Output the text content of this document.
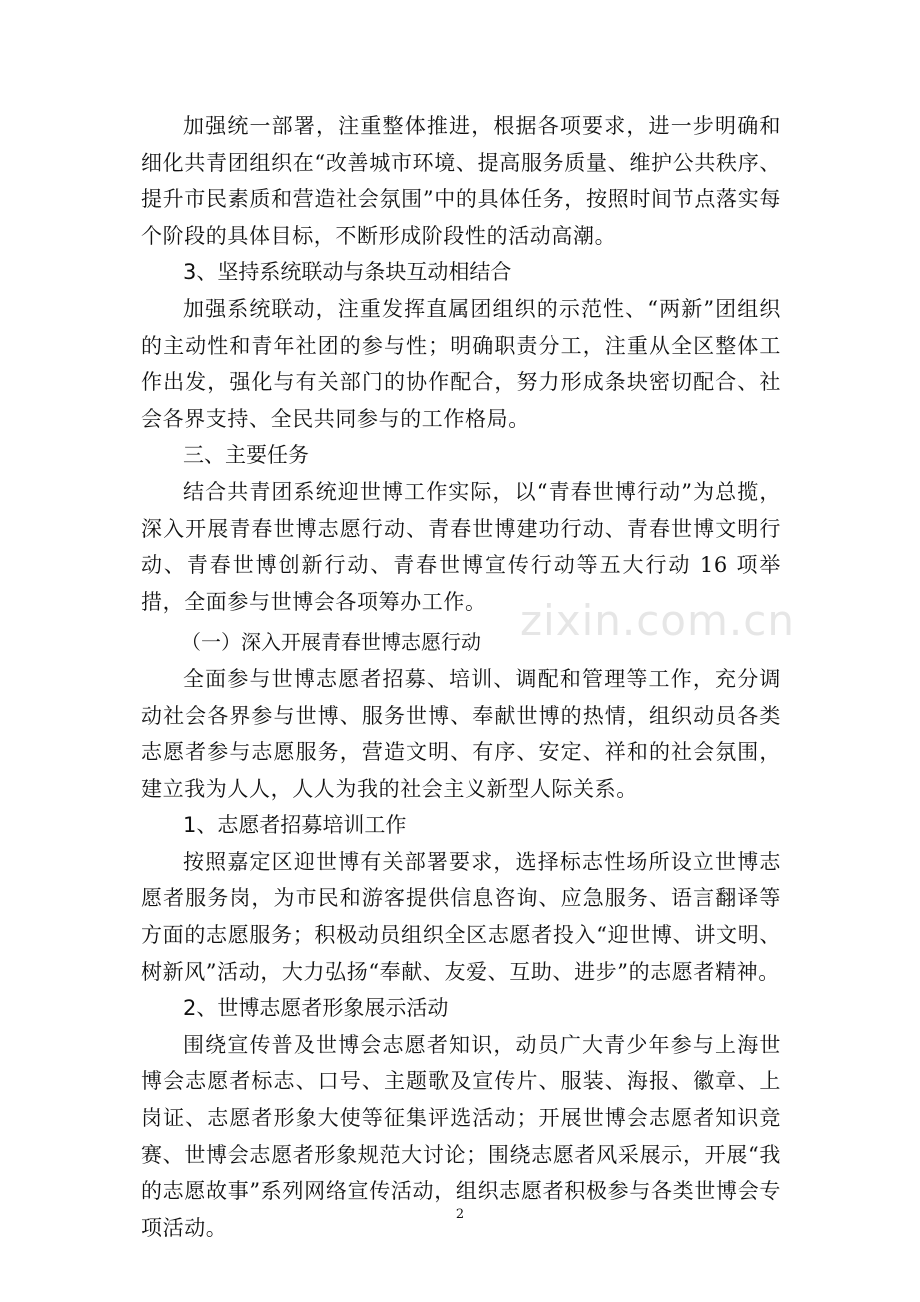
加强统一部署，注重整体推进，根据各项要求，进一步明确和细化共青团组织在“改善城市环境、提高服务质量、维护公共秩序、提升市民素质和营造社会氛围”中的具体任务，按照时间节点落实每个阶段的具体目标，不断形成阶段性的活动高潮。

3、坚持系统联动与条块互动相结合

加强系统联动，注重发挥直属团组织的示范性、“两新”团组织的主动性和青年社团的参与性；明确职责分工，注重从全区整体工作出发，强化与有关部门的协作配合，努力形成条块密切配合、社会各界支持、全民共同参与的工作格局。

三、主要任务

结合共青团系统迎世博工作实际，以“青春世博行动”为总揽，深入开展青春世博志愿行动、青春世博建功行动、青春世博文明行动、青春世博创新行动、青春世博宣传行动等五大行动 16 项举措，全面参与世博会各项筹办工作。

（一）深入开展青春世博志愿行动

全面参与世博志愿者招募、培训、调配和管理等工作，充分调动社会各界参与世博、服务世博、奉献世博的热情，组织动员各类志愿者参与志愿服务，营造文明、有序、安定、祥和的社会氛围，建立我为人人，人人为我的社会主义新型人际关系。

1、志愿者招募培训工作

按照嘉定区迎世博有关部署要求，选择标志性场所设立世博志愿者服务岗，为市民和游客提供信息咨询、应急服务、语言翻译等方面的志愿服务；积极动员组织全区志愿者投入“迎世博、讲文明、树新风”活动，大力弘扬“奉献、友爱、互助、进步”的志愿者精神。

2、世博志愿者形象展示活动

围绕宣传普及世博会志愿者知识，动员广大青少年参与上海世博会志愿者标志、口号、主题歌及宣传片、服装、海报、徽章、上岗证、志愿者形象大使等征集评选活动；开展世博会志愿者知识竞赛、世博会志愿者形象规范大讨论；围绕志愿者风采展示，开展“我的志愿故事”系列网络宣传活动，组织志愿者积极参与各类世博会专项活动。

zixin.com.cn
2
